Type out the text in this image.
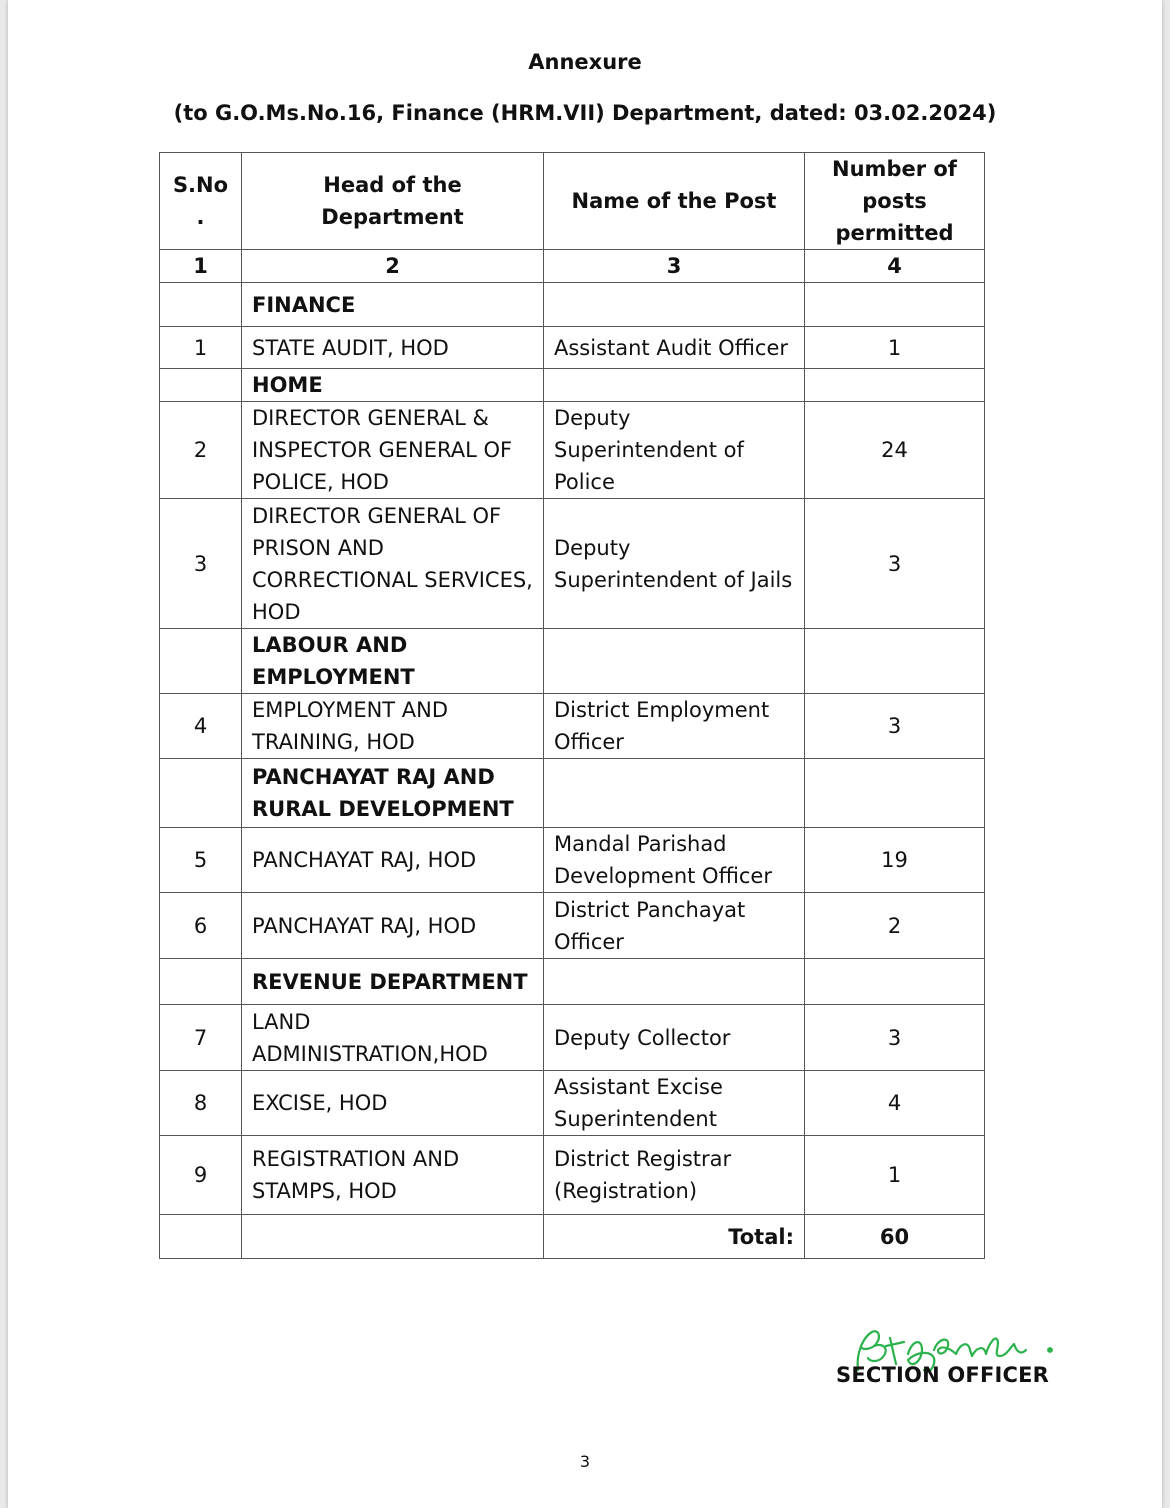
Annexure
(to G.O.Ms.No.16, Finance (HRM.VII) Department, dated: 03.02.2024)
S.No .	Head of the Department	Name of the Post	Number of posts permitted
1	2	3	4
	FINANCE		
1	STATE AUDIT, HOD	Assistant Audit Officer	1
	HOME		
2	DIRECTOR GENERAL & INSPECTOR GENERAL OF POLICE, HOD	Deputy Superintendent of Police	24
3	DIRECTOR GENERAL OF PRISON AND CORRECTIONAL SERVICES, HOD	Deputy Superintendent of Jails	3
	LABOUR AND EMPLOYMENT		
4	EMPLOYMENT AND TRAINING, HOD	District Employment Officer	3
	PANCHAYAT RAJ AND RURAL DEVELOPMENT		
5	PANCHAYAT RAJ, HOD	Mandal Parishad Development Officer	19
6	PANCHAYAT RAJ, HOD	District Panchayat Officer	2
	REVENUE DEPARTMENT		
7	LAND ADMINISTRATION,HOD	Deputy Collector	3
8	EXCISE, HOD	Assistant Excise Superintendent	4
9	REGISTRATION AND STAMPS, HOD	District Registrar (Registration)	1
		Total:	60
SECTION OFFICER
3
